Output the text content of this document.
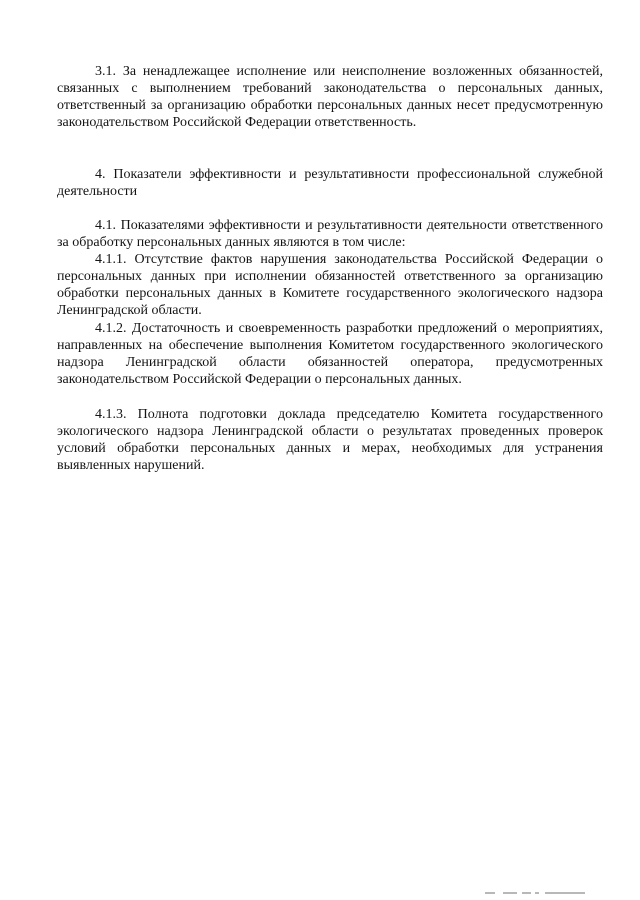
3.1. За ненадлежащее исполнение или неисполнение возложенных обязанностей, связанных с выполнением требований законодательства о персональных данных, ответственный за организацию обработки персональных данных несет предусмотренную законодательством Российской Федерации ответственность.

4. Показатели эффективности и результативности профессиональной служебной деятельности

4.1. Показателями эффективности и результативности деятельности ответственного за обработку персональных данных являются в том числе:

4.1.1. Отсутствие фактов нарушения законодательства Российской Федерации о персональных данных при исполнении обязанностей ответственного за организацию обработки персональных данных в Комитете государственного экологического надзора Ленинградской области.

4.1.2. Достаточность и своевременность разработки предложений о мероприятиях, направленных на обеспечение выполнения Комитетом государственного экологического надзора Ленинградской области обязанностей оператора, предусмотренных законодательством Российской Федерации о персональных данных.

4.1.3. Полнота подготовки доклада председателю Комитета государственного экологического надзора Ленинградской области о результатах проведенных проверок условий обработки персональных данных и мерах, необходимых для устранения выявленных нарушений.
